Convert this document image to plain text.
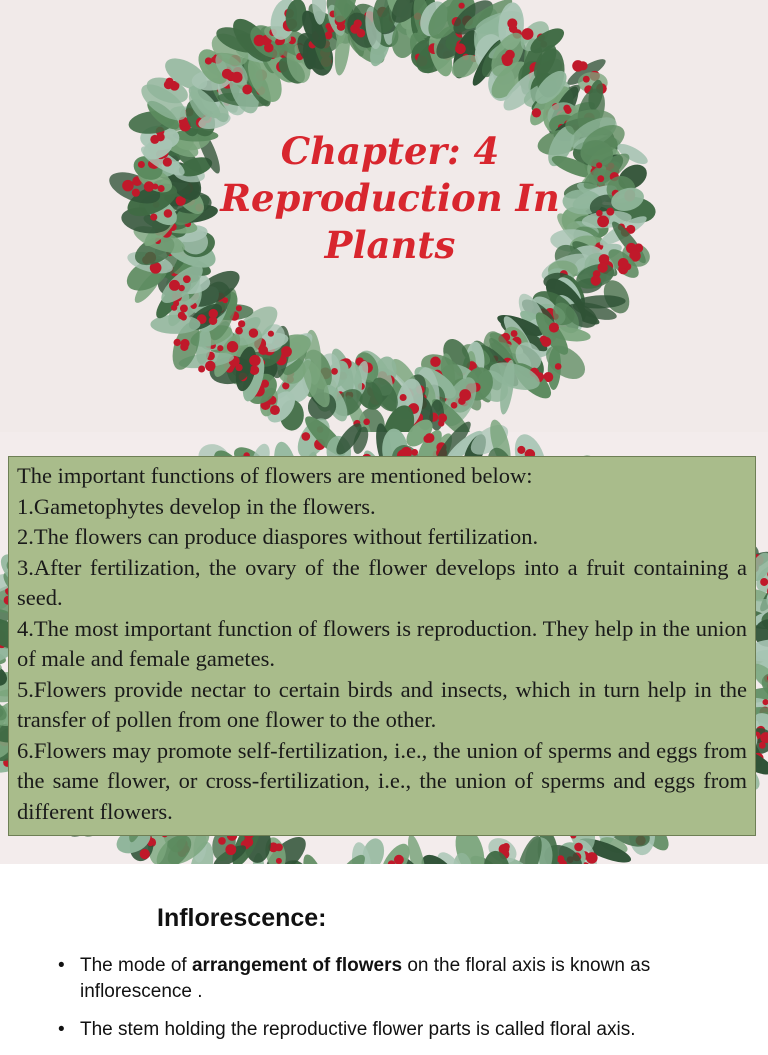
Chapter: 4
Reproduction In
Plants

The important functions of flowers are mentioned below:

1.Gametophytes develop in the flowers.

2.The flowers can produce diaspores without fertilization.

3.After fertilization, the ovary of the flower develops into a fruit containing a seed.

4.The most important function of flowers is reproduction. They help in the union of male and female gametes.

5.Flowers provide nectar to certain birds and insects, which in turn help in the transfer of pollen from one flower to the other.

6.Flowers may promote self-fertilization, i.e., the union of sperms and eggs from the same flower, or cross-fertilization, i.e., the union of sperms and eggs from different flowers.

Inflorescence:
• The mode of arrangement of flowers on the floral axis is known as inflorescence .
• The stem holding the reproductive flower parts is called floral axis.
